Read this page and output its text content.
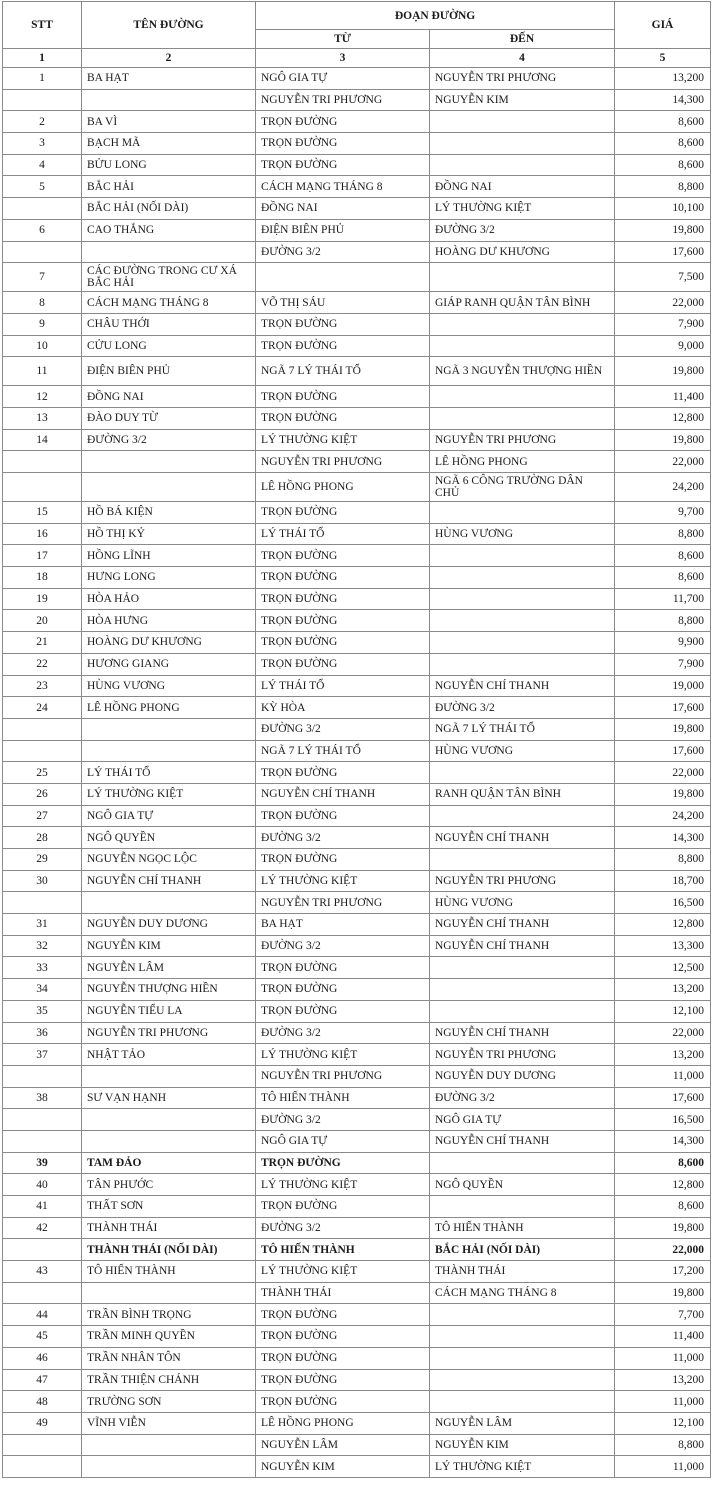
STT	TÊN ĐƯỜNG	ĐOẠN ĐƯỜNG		GIÁ
		TỪ	ĐẾN	
1	2	3	4	5
1	BA HẠT	NGÔ GIA TỰ	NGUYỄN TRI PHƯƠNG	13,200
		NGUYỄN TRI PHƯƠNG	NGUYỄN KIM	14,300
2	BA VÌ	TRỌN ĐƯỜNG		8,600
3	BẠCH MÃ	TRỌN ĐƯỜNG		8,600
4	BỬU LONG	TRỌN ĐƯỜNG		8,600
5	BẮC HẢI	CÁCH MẠNG THÁNG 8	ĐỒNG NAI	8,800
	BẮC HẢI (NỐI DÀI)	ĐỒNG NAI	LÝ THƯỜNG KIỆT	10,100
6	CAO THẮNG	ĐIỆN BIÊN PHỦ	ĐƯỜNG 3/2	19,800
		ĐƯỜNG 3/2	HOÀNG DƯ KHƯƠNG	17,600
7	CÁC ĐƯỜNG TRONG CƯ XÁ BẮC HẢI			7,500
8	CÁCH MẠNG THÁNG 8	VÕ THỊ SÁU	GIÁP RANH QUẬN TÂN BÌNH	22,000
9	CHÂU THỚI	TRỌN ĐƯỜNG		7,900
10	CỬU LONG	TRỌN ĐƯỜNG		9,000
11	ĐIỆN BIÊN PHỦ	NGÃ 7 LÝ THÁI TỔ	NGÃ 3 NGUYỄN THƯỢNG HIỀN	19,800
12	ĐỒNG NAI	TRỌN ĐƯỜNG		11,400
13	ĐÀO DUY TỪ	TRỌN ĐƯỜNG		12,800
14	ĐƯỜNG 3/2	LÝ THƯỜNG KIỆT	NGUYỄN TRI PHƯƠNG	19,800
		NGUYỄN TRI PHƯƠNG	LÊ HỒNG PHONG	22,000
		LÊ HỒNG PHONG	NGÃ 6 CÔNG TRƯỜNG DÂN CHỦ	24,200
15	HỒ BÁ KIỆN	TRỌN ĐƯỜNG		9,700
16	HỒ THỊ KỶ	LÝ THÁI TỔ	HÙNG VƯƠNG	8,800
17	HỒNG LĨNH	TRỌN ĐƯỜNG		8,600
18	HƯNG LONG	TRỌN ĐƯỜNG		8,600
19	HÒA HẢO	TRỌN ĐƯỜNG		11,700
20	HÒA HƯNG	TRỌN ĐƯỜNG		8,800
21	HOÀNG DƯ KHƯƠNG	TRỌN ĐƯỜNG		9,900
22	HƯƠNG GIANG	TRỌN ĐƯỜNG		7,900
23	HÙNG VƯƠNG	LÝ THÁI TỔ	NGUYỄN CHÍ THANH	19,000
24	LÊ HỒNG PHONG	KỲ HÒA	ĐƯỜNG 3/2	17,600
		ĐƯỜNG 3/2	NGÃ 7 LÝ THÁI TỔ	19,800
		NGÃ 7 LÝ THÁI TỔ	HÙNG VƯƠNG	17,600
25	LÝ THÁI TỔ	TRỌN ĐƯỜNG		22,000
26	LÝ THƯỜNG KIỆT	NGUYỄN CHÍ THANH	RANH QUẬN TÂN BÌNH	19,800
27	NGÔ GIA TỰ	TRỌN ĐƯỜNG		24,200
28	NGÔ QUYỀN	ĐƯỜNG 3/2	NGUYỄN CHÍ THANH	14,300
29	NGUYỄN NGỌC LỘC	TRỌN ĐƯỜNG		8,800
30	NGUYỄN CHÍ THANH	LÝ THƯỜNG KIỆT	NGUYỄN TRI PHƯƠNG	18,700
		NGUYỄN TRI PHƯƠNG	HÙNG VƯƠNG	16,500
31	NGUYỄN DUY DƯƠNG	BA HẠT	NGUYỄN CHÍ THANH	12,800
32	NGUYỄN KIM	ĐƯỜNG 3/2	NGUYỄN CHÍ THANH	13,300
33	NGUYỄN LÂM	TRỌN ĐƯỜNG		12,500
34	NGUYỄN THƯỢNG HIỀN	TRỌN ĐƯỜNG		13,200
35	NGUYỄN TIỂU LA	TRỌN ĐƯỜNG		12,100
36	NGUYỄN TRI PHƯƠNG	ĐƯỜNG 3/2	NGUYỄN CHÍ THANH	22,000
37	NHẬT TẢO	LÝ THƯỜNG KIỆT	NGUYỄN TRI PHƯƠNG	13,200
		NGUYỄN TRI PHƯƠNG	NGUYỄN DUY DƯƠNG	11,000
38	SƯ VẠN HẠNH	TÔ HIẾN THÀNH	ĐƯỜNG 3/2	17,600
		ĐƯỜNG 3/2	NGÔ GIA TỰ	16,500
		NGÔ GIA TỰ	NGUYỄN CHÍ THANH	14,300
39	TAM ĐẢO	TRỌN ĐƯỜNG		8,600
40	TÂN PHƯỚC	LÝ THƯỜNG KIỆT	NGÔ QUYỀN	12,800
41	THẤT SƠN	TRỌN ĐƯỜNG		8,600
42	THÀNH THÁI	ĐƯỜNG 3/2	TÔ HIẾN THÀNH	19,800
	THÀNH THÁI (NỐI DÀI)	TÔ HIẾN THÀNH	BẮC HẢI (NỐI DÀI)	22,000
43	TÔ HIẾN THÀNH	LÝ THƯỜNG KIỆT	THÀNH THÁI	17,200
		THÀNH THÁI	CÁCH MẠNG THÁNG 8	19,800
44	TRẦN BÌNH TRỌNG	TRỌN ĐƯỜNG		7,700
45	TRẦN MINH QUYỀN	TRỌN ĐƯỜNG		11,400
46	TRẦN NHÂN TÔN	TRỌN ĐƯỜNG		11,000
47	TRẦN THIỆN CHÁNH	TRỌN ĐƯỜNG		13,200
48	TRƯỜNG SƠN	TRỌN ĐƯỜNG		11,000
49	VĨNH VIỄN	LÊ HỒNG PHONG	NGUYỄN LÂM	12,100
		NGUYỄN LÂM	NGUYỄN KIM	8,800
		NGUYỄN KIM	LÝ THƯỜNG KIỆT	11,000
